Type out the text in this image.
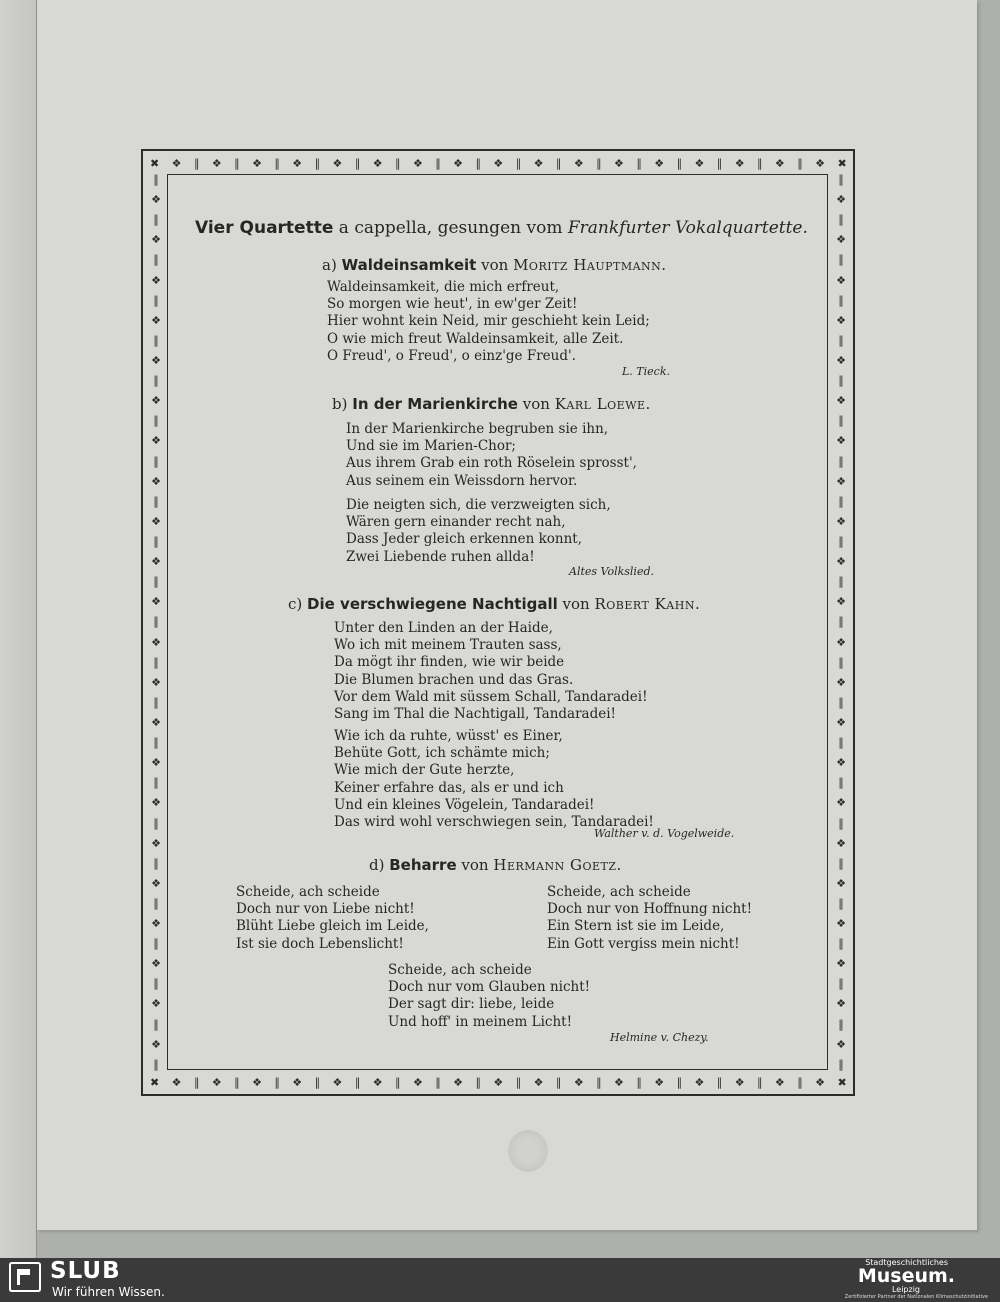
✖ ❖ ‖ ❖ ‖ ❖ ‖ ❖ ‖ ❖ ‖ ❖ ‖ ❖ ‖ ❖ ‖ ❖ ‖ ❖ ‖ ❖ ‖ ❖ ‖ ❖ ‖ ❖ ‖ ❖ ‖ ❖ ‖ ❖ ✖
✖ ❖ ‖ ❖ ‖ ❖ ‖ ❖ ‖ ❖ ‖ ❖ ‖ ❖ ‖ ❖ ‖ ❖ ‖ ❖ ‖ ❖ ‖ ❖ ‖ ❖ ‖ ❖ ‖ ❖ ‖ ❖ ‖ ❖ ✖
‖
❖
‖
❖
‖
❖
‖
❖
‖
❖
‖
❖
‖
❖
‖
❖
‖
❖
‖
❖
‖
❖
‖
❖
‖
❖
‖
❖
‖
❖
‖
❖
‖
❖
‖
❖
‖
❖
‖
❖
‖
❖
‖
❖
‖
‖
❖
‖
❖
‖
❖
‖
❖
‖
❖
‖
❖
‖
❖
‖
❖
‖
❖
‖
❖
‖
❖
‖
❖
‖
❖
‖
❖
‖
❖
‖
❖
‖
❖
‖
❖
‖
❖
‖
❖
‖
❖
‖
❖
‖
Vier Quartette a cappella, gesungen vom Frankfurter Vokalquartette.
a) Waldeinsamkeit von Moritz Hauptmann.
Waldeinsamkeit, die mich erfreut,
So morgen wie heut', in ew'ger Zeit!
Hier wohnt kein Neid, mir geschieht kein Leid;
O wie mich freut Waldeinsamkeit, alle Zeit.
O Freud', o Freud', o einz'ge Freud'.
L. Tieck.
b) In der Marienkirche von Karl Loewe.
In der Marienkirche begruben sie ihn,
Und sie im Marien-Chor;
Aus ihrem Grab ein roth Röselein sprosst',
Aus seinem ein Weissdorn hervor.
Die neigten sich, die verzweigten sich,
Wären gern einander recht nah,
Dass Jeder gleich erkennen konnt,
Zwei Liebende ruhen allda!
Altes Volkslied.
c) Die verschwiegene Nachtigall von Robert Kahn.
Unter den Linden an der Haide,
Wo ich mit meinem Trauten sass,
Da mögt ihr finden, wie wir beide
Die Blumen brachen und das Gras.
Vor dem Wald mit süssem Schall, Tandaradei!
Sang im Thal die Nachtigall, Tandaradei!
Wie ich da ruhte, wüsst' es Einer,
Behüte Gott, ich schämte mich;
Wie mich der Gute herzte,
Keiner erfahre das, als er und ich
Und ein kleines Vögelein, Tandaradei!
Das wird wohl verschwiegen sein, Tandaradei!
Walther v. d. Vogelweide.
d) Beharre von Hermann Goetz.
Scheide, ach scheide
Doch nur von Liebe nicht!
Blüht Liebe gleich im Leide,
Ist sie doch Lebenslicht!
Scheide, ach scheide
Doch nur von Hoffnung nicht!
Ein Stern ist sie im Leide,
Ein Gott vergiss mein nicht!
Scheide, ach scheide
Doch nur vom Glauben nicht!
Der sagt dir: liebe, leide
Und hoff' in meinem Licht!
Helmine v. Chezy.
SLUB
Wir führen Wissen.
Stadtgeschichtliches
Museum.
Leipzig
Zertifizierter Partner der Nationalen Klimaschutzinitiative
